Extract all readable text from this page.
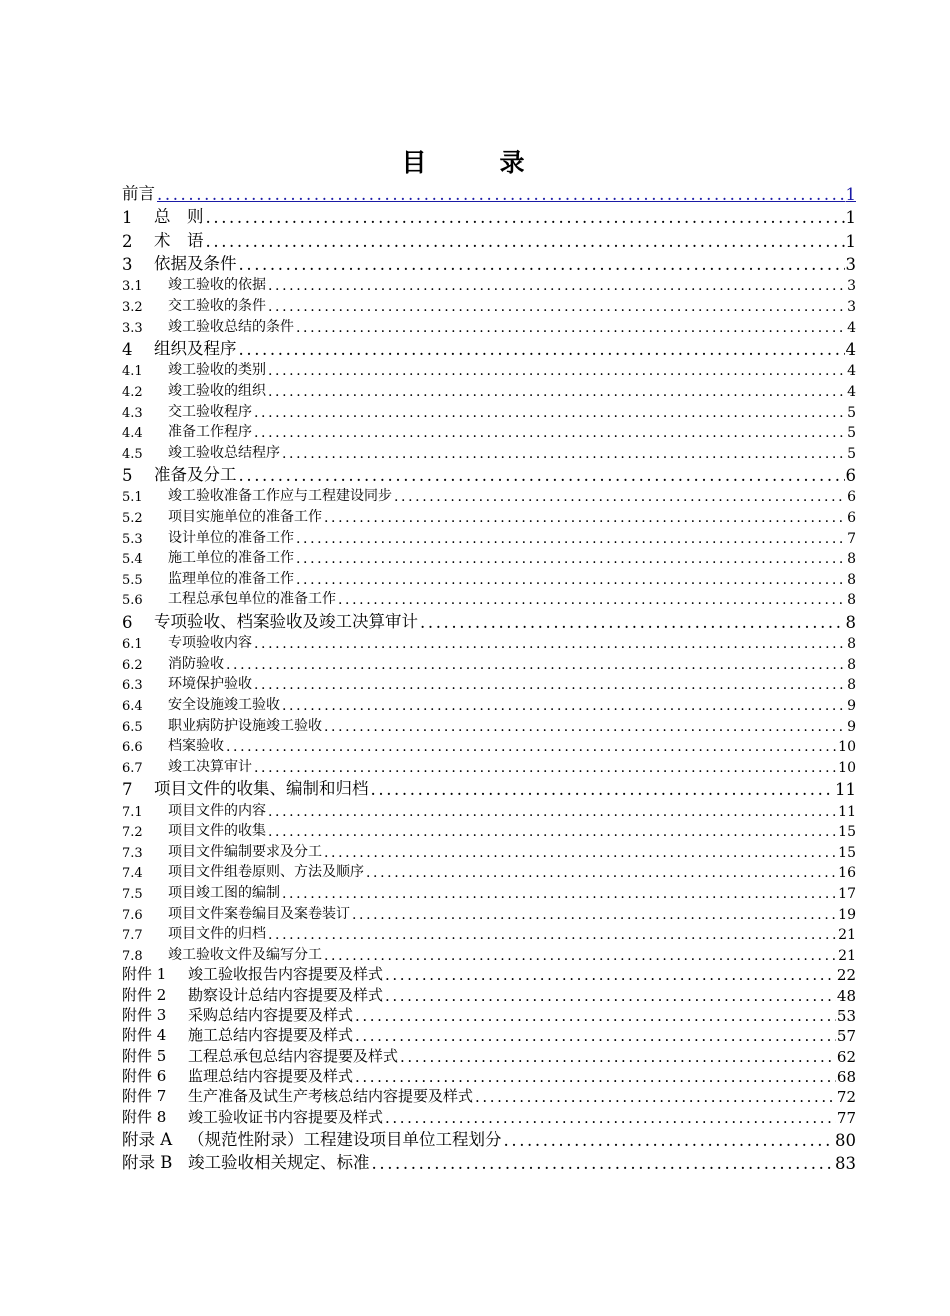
目　录
前言 .....	1
1	总　则 .....	1
2	术　语 .....	1
3	依据及条件 .....	3
3.1	竣工验收的依据 .....	3
3.2	交工验收的条件 .....	3
3.3	竣工验收总结的条件 .....	4
4	组织及程序 .....	4
4.1	竣工验收的类别 .....	4
4.2	竣工验收的组织 .....	4
4.3	交工验收程序 .....	5
4.4	准备工作程序 .....	5
4.5	竣工验收总结程序 .....	5
5	准备及分工 .....	6
5.1	竣工验收准备工作应与工程建设同步 .....	6
5.2	项目实施单位的准备工作 .....	6
5.3	设计单位的准备工作 .....	7
5.4	施工单位的准备工作 .....	8
5.5	监理单位的准备工作 .....	8
5.6	工程总承包单位的准备工作 .....	8
6	专项验收、档案验收及竣工决算审计 .....	8
6.1	专项验收内容 .....	8
6.2	消防验收 .....	8
6.3	环境保护验收 .....	8
6.4	安全设施竣工验收 .....	9
6.5	职业病防护设施竣工验收 .....	9
6.6	档案验收 .....	10
6.7	竣工决算审计 .....	10
7	项目文件的收集、编制和归档 .....	11
7.1	项目文件的内容 .....	11
7.2	项目文件的收集 .....	15
7.3	项目文件编制要求及分工 .....	15
7.4	项目文件组卷原则、方法及顺序 .....	16
7.5	项目竣工图的编制 .....	17
7.6	项目文件案卷编目及案卷装订 .....	19
7.7	项目文件的归档 .....	21
7.8	竣工验收文件及编写分工 .....	21
附件 1	竣工验收报告内容提要及样式 .....	22
附件 2	勘察设计总结内容提要及样式 .....	48
附件 3	采购总结内容提要及样式 .....	53
附件 4	施工总结内容提要及样式 .....	57
附件 5	工程总承包总结内容提要及样式 .....	62
附件 6	监理总结内容提要及样式 .....	68
附件 7	生产准备及试生产考核总结内容提要及样式 .....	72
附件 8	竣工验收证书内容提要及样式 .....	77
附录 A （规范性附录）工程建设项目单位工程划分 .....	80
附录 B 竣工验收相关规定、标准 .....	83
